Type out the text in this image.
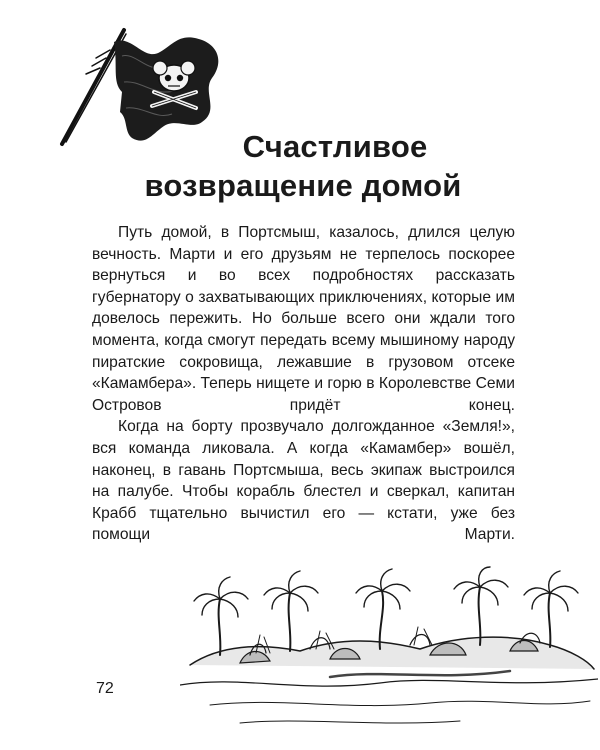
Счастливое
возвращение домой

Путь домой, в Портсмыш, казалось, длился целую вечность. Марти и его друзьям не терпелось поскорее вернуться и во всех подробностях рассказать губернатору о захватывающих приключениях, которые им довелось пережить. Но больше всего они ждали того момента, когда смогут передать всему мышиному народу пиратские сокровища, лежавшие в грузовом отсеке «Камамбера». Теперь нищете и горю в Королевстве Семи Островов придёт конец.

Когда на борту прозвучало долгожданное «Земля!», вся команда ликовала. А когда «Камамбер» вошёл, наконец, в гавань Портсмыша, весь экипаж выстроился на палубе. Чтобы корабль блестел и сверкал, капитан Крабб тщательно вычистил его — кстати, уже без помощи Марти.

72
